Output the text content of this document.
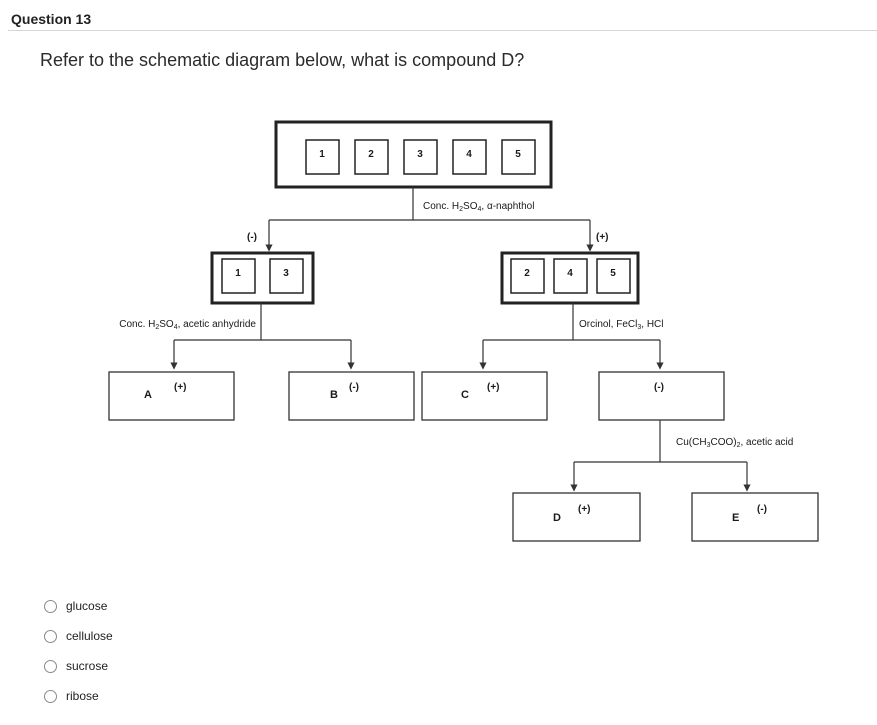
Question 13
Refer to the schematic diagram below, what is compound D?
1	2	3	4	5
Conc. $H_2SO_4$, α-naphthol
(-)	(+)
1	3	2	4	5
Conc. $H_2SO_4$, acetic anhydride	Orcinol, FeCl$_3$, HCl
A
(+)
B
(-)
C
(+)	(-)
$Cu(CH_3COO)_2$, acetic acid
D
(+)
E
(-)
glucose
cellulose
sucrose
ribose
